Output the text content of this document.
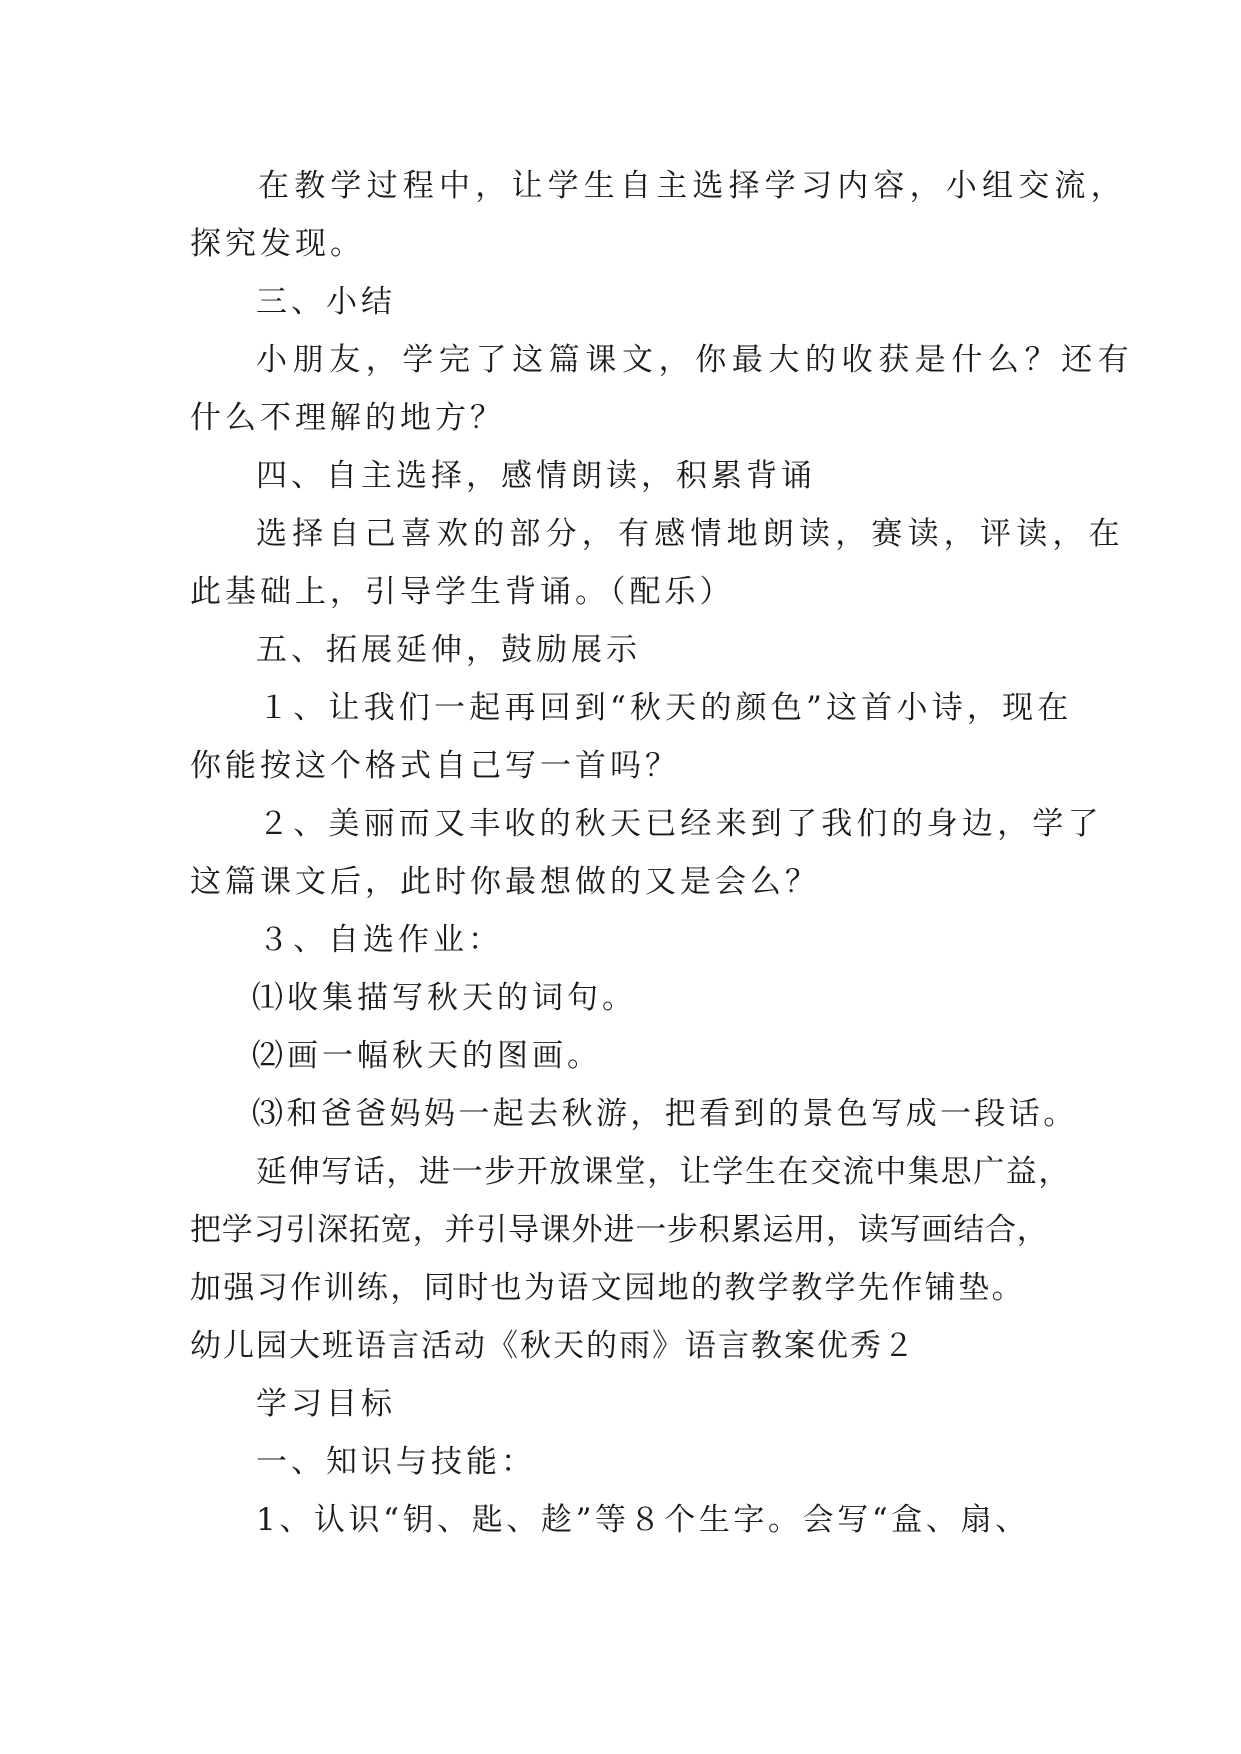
在教学过程中，让学生自主选择学习内容，小组交流，
探究发现。
三、小结
小朋友，学完了这篇课文，你最大的收获是什么？还有
什么不理解的地方？
四、自主选择，感情朗读，积累背诵
选择自己喜欢的部分，有感情地朗读，赛读，评读，在
此基础上，引导学生背诵。（配乐）
五、拓展延伸，鼓励展示
１、让我们一起再回到“秋天的颜色”这首小诗，现在
你能按这个格式自己写一首吗？
２、美丽而又丰收的秋天已经来到了我们的身边，学了
这篇课文后，此时你最想做的又是会么？
３、自选作业：
⑴收集描写秋天的词句。
⑵画一幅秋天的图画。
⑶和爸爸妈妈一起去秋游，把看到的景色写成一段话。
延伸写话，进一步开放课堂，让学生在交流中集思广益，
把学习引深拓宽，并引导课外进一步积累运用，读写画结合，
加强习作训练，同时也为语文园地的教学教学先作铺垫。
幼儿园大班语言活动《秋天的雨》语言教案优秀２
学习目标
一、知识与技能：
1、认识“钥、匙、趁”等８个生字。会写“盒、扇、
